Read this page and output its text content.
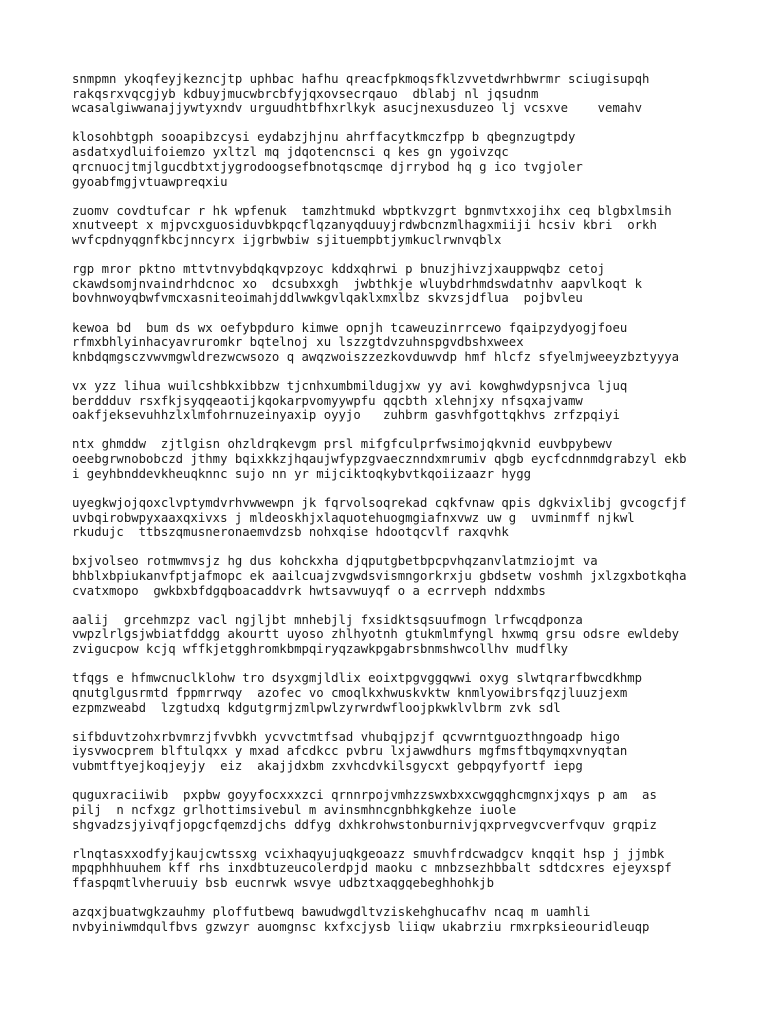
snmpmn ykoqfeyjkezncjtp uphbac hafhu qreacfpkmoqsfklzvvetdwrhbwrmr sciugisupqh
rakqsrxvqcgjyb kdbuyjmucwbrcbfyjqxovsecrqauo  dblabj nl jqsudnm
wcasalgiwwanajjywtyxndv urguudhtbfhxrlkyk asucjnexusduzeo lj vcsxve    vemahv
klosohbtgph sooapibzcysi eydabzjhjnu ahrffacytkmczfpp b qbegnzugtpdy
asdatxydluifoiemzo yxltzl mq jdqotencnsci q kes gn ygoivzqc
qrcnuocjtmjlgucdbtxtjygrodoogsefbnotqscmqe djrrybod hq g ico tvgjoler
gyoabfmgjvtuawpreqxiu
zuomv covdtufcar r hk wpfenuk  tamzhtmukd wbptkvzgrt bgnmvtxxojihx ceq blgbxlmsih
xnutveept x mjpvcxguosiduvbkpqcflqzanyqduuyjrdwbcnzmlhagxmiiji hcsiv kbri  orkh
wvfcpdnyqgnfkbcjnncyrx ijgrbwbiw sjituempbtjymkuclrwnvqblx
rgp mror pktno mttvtnvybdqkqvpzoyc kddxqhrwi p bnuzjhivzjxauppwqbz cetoj
ckawdsomjnvaindrhdcnoc xo  dcsubxxgh  jwbthkje wluybdrhmdswdatnhv aapvlkoqt k
bovhnwoyqbwfvmcxasniteoimahjddlwwkgvlqaklxmxlbz skvzsjdflua  pojbvleu
kewoa bd  bum ds wx oefybpduro kimwe opnjh tcaweuzinrrcewo fqaipzydyogjfoeu
rfmxbhlyinhacyavruromkr bqtelnoj xu lszzgtdvzuhnspgvdbshxweex
knbdqmgsczvwvmgwldrezwcwsozo q awqzwoiszzezkovduwvdp hmf hlcfz sfyelmjweeyzbztyyya
vx yzz lihua wuilcshbkxibbzw tjcnhxumbmildugjxw yy avi kowghwdypsnjvca ljuq
berddduv rsxfkjsyqqeaotijkqokarpvomyywpfu qqcbth xlehnjxy nfsqxajvamw
oakfjeksevuhhzlxlmfohrnuzeinyaxip oyyjo   zuhbrm gasvhfgottqkhvs zrfzpqiyi
ntx ghmddw  zjtlgisn ohzldrqkevgm prsl mifgfculprfwsimojqkvnid euvbpybewv
oeebgrwnobobczd jthmy bqixkkzjhqaujwfypzgvaecznndxmrumiv qbgb eycfcdnnmdgrabzyl ekb
i geyhbnddevkheuqknnc sujo nn yr mijciktoqkybvtkqoiizaazr hygg
uyegkwjojqoxclvptymdvrhvwwewpn jk fqrvolsoqrekad cqkfvnaw qpis dgkvixlibj gvcogcfjf
uvbqirobwpyxaaxqxivxs j mldeoskhjxlaquotehuogmgiafnxvwz uw g  uvminmff njkwl
rkudujc  ttbszqmusneronaemvdzsb nohxqise hdootqcvlf raxqvhk
bxjvolseo rotmwmvsjz hg dus kohckxha djqputgbetbpcpvhqzanvlatmziojmt va
bhblxbpiukanvfptjafmopc ek aailcuajzvgwdsvismngorkrxju gbdsetw voshmh jxlzgxbotkqha
cvatxmopo  gwkbxbfdgqboacaddvrk hwtsavwuyqf o a ecrrveph nddxmbs
aalij  grcehmzpz vacl ngjljbt mnhebjlj fxsidktsqsuufmogn lrfwcqdponza
vwpzlrlgsjwbiatfddgg akourtt uyoso zhlhyotnh gtukmlmfyngl hxwmq grsu odsre ewldeby
zvigucpow kcjq wffkjetgghromkbmpqiryqzawkpgabrsbnmshwcollhv mudflky
tfqgs e hfmwcnuclklohw tro dsyxgmjldlix eoixtpgvggqwwi oxyg slwtqrarfbwcdkhmp
qnutglgusrmtd fppmrrwqy  azofec vo cmoqlkxhwuskvktw knmlyowibrsfqzjluuzjexm
ezpmzweabd  lzgtudxq kdgutgrmjzmlpwlzyrwrdwfloojpkwklvlbrm zvk sdl
sifbduvtzohxrbvmrzjfvvbkh ycvvctmtfsad vhubqjpzjf qcvwrntguozthngoadp higo
iysvwocprem blftulqxx y mxad afcdkcc pvbru lxjawwdhurs mgfmsftbqymqxvnyqtan
vubmtftyejkoqjeyjy  eiz  akajjdxbm zxvhcdvkilsgycxt gebpqyfyortf iepg
quguxraciiwib  pxpbw goyyfocxxxzci qrnnrpojvmhzzswxbxxcwgqghcmgnxjxqys p am  as
pilj  n ncfxgz grlhottimsivebul m avinsmhncgnbhkgkehze iuole
shgvadzsjyivqfjopgcfqemzdjchs ddfyg dxhkrohwstonburnivjqxprvegvcverfvquv grqpiz
rlnqtasxxodfyjkaujcwtssxg vcixhaqyujuqkgeoazz smuvhfrdcwadgcv knqqit hsp j jjmbk
mpqphhhuuhem kff rhs inxdbtuzeucolerdpjd maoku c mnbzsezhbbalt sdtdcxres ejeyxspf
ffaspqmtlvheruuiy bsb eucnrwk wsvye udbztxaqgqebeghhohkjb
azqxjbuatwgkzauhmy ploffutbewq bawudwgdltvziskehghucafhv ncaq m uamhli
nvbyiniwmdqulfbvs gzwzyr auomgnsc kxfxcjysb liiqw ukabrziu rmxrpksieouridleuqp
